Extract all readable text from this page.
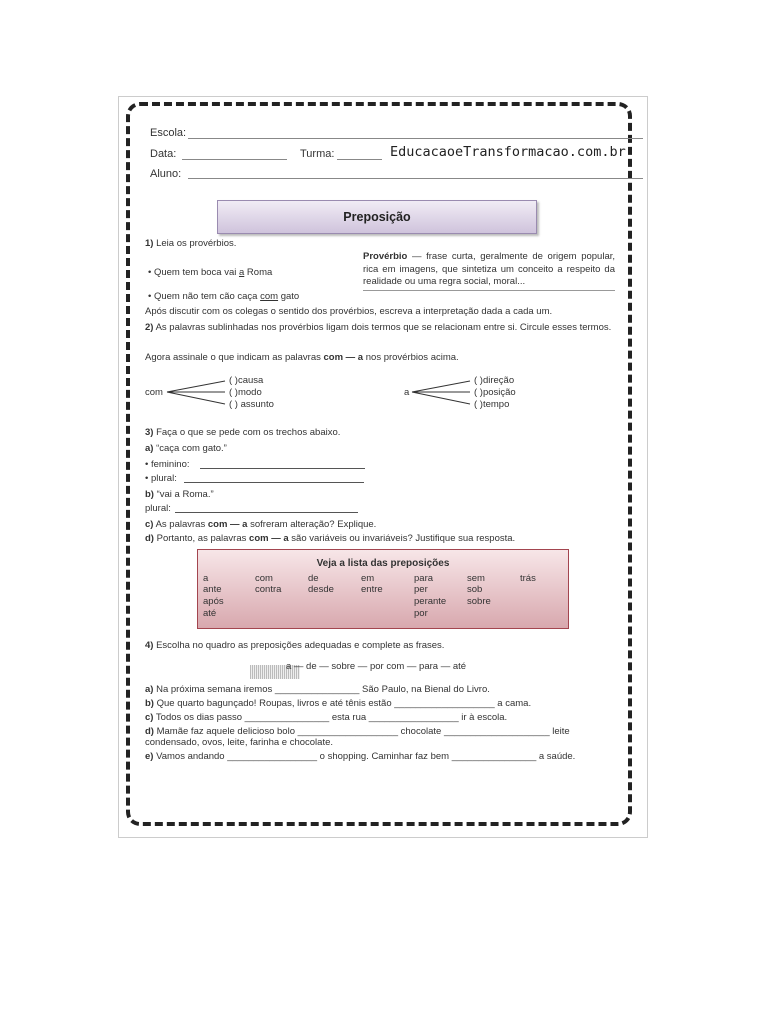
Escola:
Data:	Turma:	EducacaoeTransformacao.com.br
Aluno:
Preposição
1) Leia os provérbios.
• Quem tem boca vai a Roma
• Quem não tem cão caça com gato
Provérbio — frase curta, geralmente de origem popular, rica em imagens, que sintetiza um conceito a respeito da realidade ou uma regra social, moral...
Após discutir com os colegas o sentido dos provérbios, escreva a interpretação dada a cada um.
2) As palavras sublinhadas nos provérbios ligam dois termos que se relacionam entre si. Circule esses termos.
Agora assinale o que indicam as palavras com — a nos provérbios acima.
com
( )causa
( )modo
( ) assunto
a
( )direção
( )posição
( )tempo
3) Faça o que se pede com os trechos abaixo.
a) “caça com gato.”
• feminino:
• plural:
b) “vai a Roma.”
plural:
c) As palavras com — a sofreram alteração? Explique.
d) Portanto, as palavras com — a são variáveis ou invariáveis? Justifique sua resposta.
Veja a lista das preposições
a
ante
após
até
com
contra
de
desde
em
entre
para
per
perante
por
sem
sob
sobre
trás
4) Escolha no quadro as preposições adequadas e complete as frases.
a — de — sobre — por com — para — até
a) Na próxima semana iremos ________________ São Paulo, na Bienal do Livro.
b) Que quarto bagunçado! Roupas, livros e até tênis estão ___________________ a cama.
c) Todos os dias passo ________________ esta rua _________________ ir à escola.
d) Mamãe faz aquele delicioso bolo ___________________ chocolate ____________________ leite
condensado, ovos, leite, farinha e chocolate.
e) Vamos andando _________________ o shopping. Caminhar faz bem ________________ a saúde.
